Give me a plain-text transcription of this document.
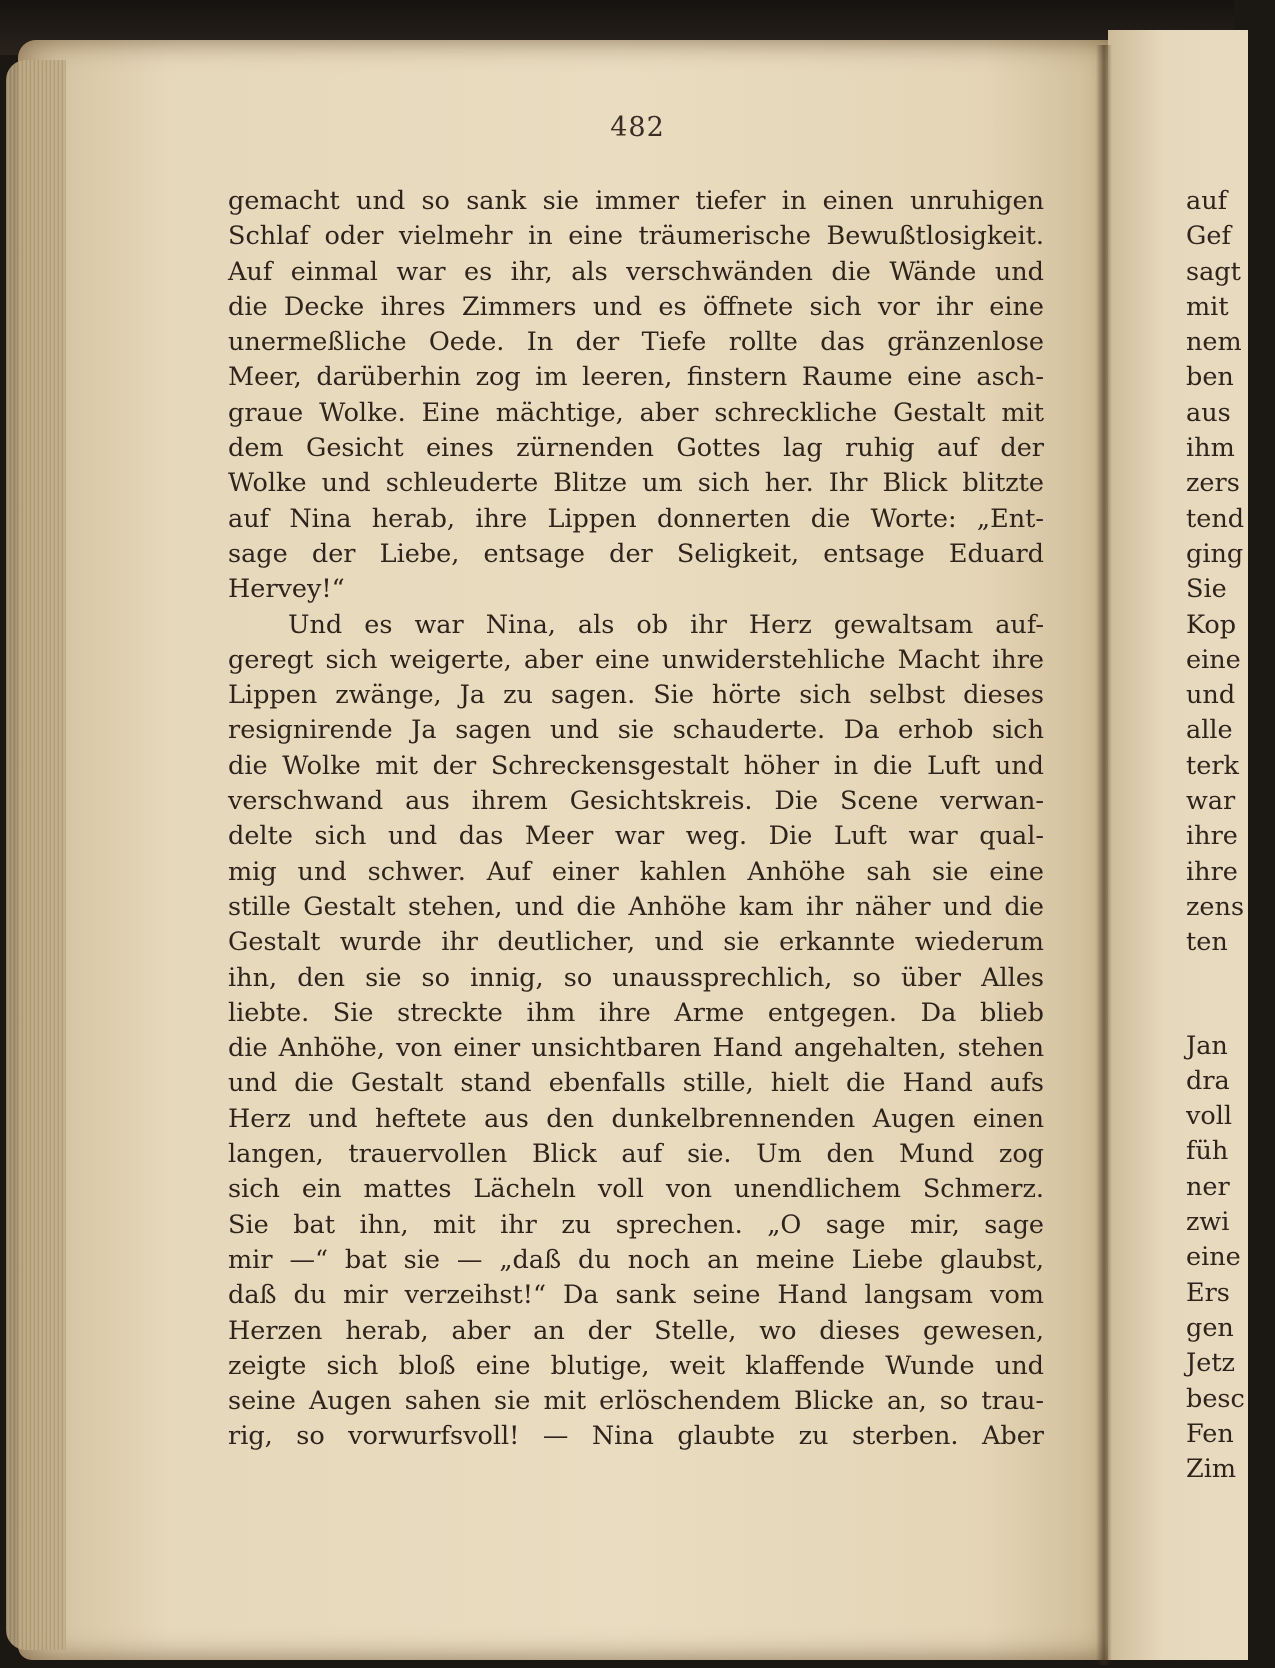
482
gemacht und so sank sie immer tiefer in einen unruhigen
Schlaf oder vielmehr in eine träumerische Bewußtlosigkeit.
Auf einmal war es ihr, als verschwänden die Wände und
die Decke ihres Zimmers und es öffnete sich vor ihr eine
unermeßliche Oede. In der Tiefe rollte das gränzenlose
Meer, darüberhin zog im leeren, finstern Raume eine asch-
graue Wolke. Eine mächtige, aber schreckliche Gestalt mit
dem Gesicht eines zürnenden Gottes lag ruhig auf der
Wolke und schleuderte Blitze um sich her. Ihr Blick blitzte
auf Nina herab, ihre Lippen donnerten die Worte: „Ent-
sage der Liebe, entsage der Seligkeit, entsage Eduard
Hervey!“
Und es war Nina, als ob ihr Herz gewaltsam auf-
geregt sich weigerte, aber eine unwiderstehliche Macht ihre
Lippen zwänge, Ja zu sagen. Sie hörte sich selbst dieses
resignirende Ja sagen und sie schauderte. Da erhob sich
die Wolke mit der Schreckensgestalt höher in die Luft und
verschwand aus ihrem Gesichtskreis. Die Scene verwan-
delte sich und das Meer war weg. Die Luft war qual-
mig und schwer. Auf einer kahlen Anhöhe sah sie eine
stille Gestalt stehen, und die Anhöhe kam ihr näher und die
Gestalt wurde ihr deutlicher, und sie erkannte wiederum
ihn, den sie so innig, so unaussprechlich, so über Alles
liebte. Sie streckte ihm ihre Arme entgegen. Da blieb
die Anhöhe, von einer unsichtbaren Hand angehalten, stehen
und die Gestalt stand ebenfalls stille, hielt die Hand aufs
Herz und heftete aus den dunkelbrennenden Augen einen
langen, trauervollen Blick auf sie. Um den Mund zog
sich ein mattes Lächeln voll von unendlichem Schmerz.
Sie bat ihn, mit ihr zu sprechen. „O sage mir, sage
mir —“ bat sie — „daß du noch an meine Liebe glaubst,
daß du mir verzeihst!“ Da sank seine Hand langsam vom
Herzen herab, aber an der Stelle, wo dieses gewesen,
zeigte sich bloß eine blutige, weit klaffende Wunde und
seine Augen sahen sie mit erlöschendem Blicke an, so trau-
rig, so vorwurfsvoll! — Nina glaubte zu sterben. Aber
auf
Gef
sagt
mit
nem
ben
aus
ihm
zers
tend
ging
Sie
Kop
eine
und
alle
terk
war
ihre
ihre
zens
ten
Jan
dra
voll
füh
ner
zwi
eine
Ers
gen
Jetz
besc
Fen
Zim
